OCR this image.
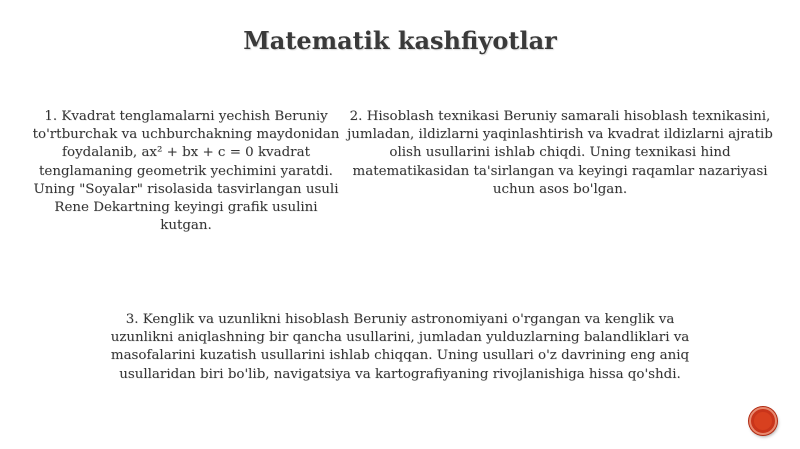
Matematik kashfiyotlar
1. Kvadrat tenglamalarni yechish Beruniy to'rtburchak va uchburchakning maydonidan foydalanib, ax² + bx + c = 0 kvadrat tenglamaning geometrik yechimini yaratdi. Uning "Soyalar" risolasida tasvirlangan usuli Rene Dekartning keyingi grafik usulini kutgan.
2. Hisoblash texnikasi Beruniy samarali hisoblash texnikasini, jumladan, ildizlarni yaqinlashtirish va kvadrat ildizlarni ajratib olish usullarini ishlab chiqdi. Uning texnikasi hind matematikasidan ta'sirlangan va keyingi raqamlar nazariyasi uchun asos bo'lgan.
3. Kenglik va uzunlikni hisoblash Beruniy astronomiyani o'rgangan va kenglik va uzunlikni aniqlashning bir qancha usullarini, jumladan yulduzlarning balandliklari va masofalarini kuzatish usullarini ishlab chiqqan. Uning usullari o'z davrining eng aniq usullaridan biri bo'lib, navigatsiya va kartografiyaning rivojlanishiga hissa qo'shdi.
